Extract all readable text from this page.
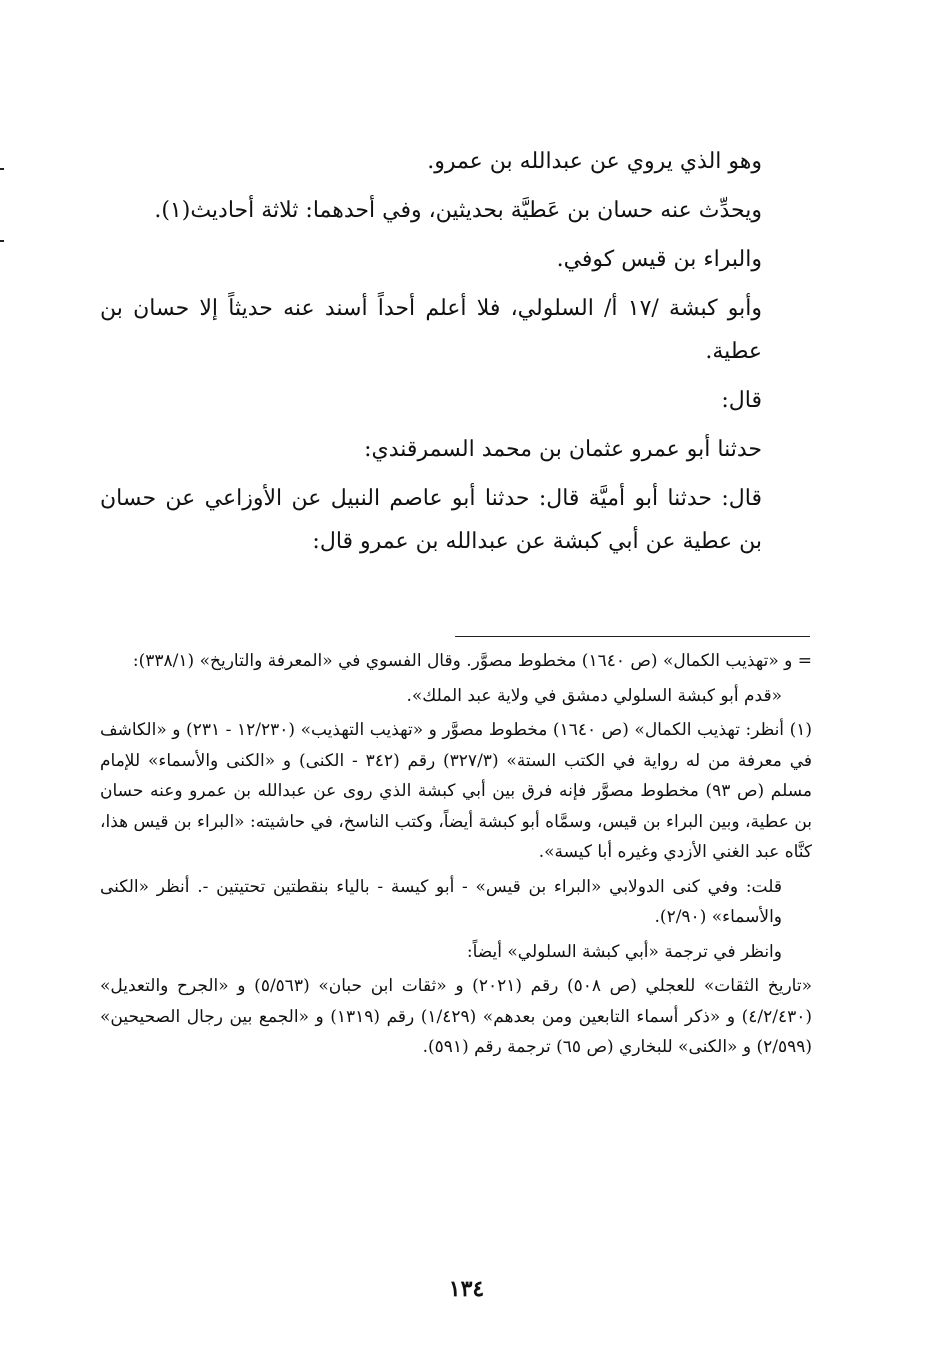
وهو الذي يروي عن عبدالله بن عمرو.

ويحدِّث عنه حسان بن عَطيَّة بحديثين، وفي أحدهما: ثلاثة أحاديث(١).

والبراء بن قيس كوفي.

وأبو كبشة /١٧ أ/ السلولي، فلا أعلم أحداً أسند عنه حديثاً إلا حسان بن عطية.

قال:

حدثنا أبو عمرو عثمان بن محمد السمرقندي:

قال: حدثنا أبو أميَّة قال: حدثنا أبو عاصم النبيل عن الأوزاعي عن حسان بن عطية عن أبي كبشة عن عبدالله بن عمرو قال:

= و «تهذيب الكمال» (ص ١٦٤٠) مخطوط مصوَّر. وقال الفسوي في «المعرفة والتاريخ» (٣٣٨/١):

«قدم أبو كبشة السلولي دمشق في ولاية عبد الملك».

(١) أنظر: تهذيب الكمال» (ص ١٦٤٠) مخطوط مصوَّر و «تهذيب التهذيب» (١٢/٢٣٠ - ٢٣١) و «الكاشف في معرفة من له رواية في الكتب الستة» (٣٢٧/٣) رقم (٣٤٢ - الكنى) و «الكنى والأسماء» للإمام مسلم (ص ٩٣) مخطوط مصوَّر فإنه فرق بين أبي كبشة الذي روى عن عبدالله بن عمرو وعنه حسان بن عطية، وبين البراء بن قيس، وسمَّاه أبو كبشة أيضاً، وكتب الناسخ، في حاشيته: «البراء بن قيس هذا، كنَّاه عبد الغني الأزدي وغيره أبا كيسة».

قلت: وفي كنى الدولابي «البراء بن قيس» - أبو كيسة - بالياء بنقطتين تحتيتين -. أنظر «الكنى والأسماء» (٢/٩٠).

وانظر في ترجمة «أبي كبشة السلولي» أيضاً:

«تاريخ الثقات» للعجلي (ص ٥٠٨) رقم (٢٠٢١) و «ثقات ابن حبان» (٥/٥٦٣) و «الجرح والتعديل» (٤/٢/٤٣٠) و «ذكر أسماء التابعين ومن بعدهم» (١/٤٢٩) رقم (١٣١٩) و «الجمع بين رجال الصحيحين» (٢/٥٩٩) و «الكنى» للبخاري (ص ٦٥) ترجمة رقم (٥٩١).

١٣٤
